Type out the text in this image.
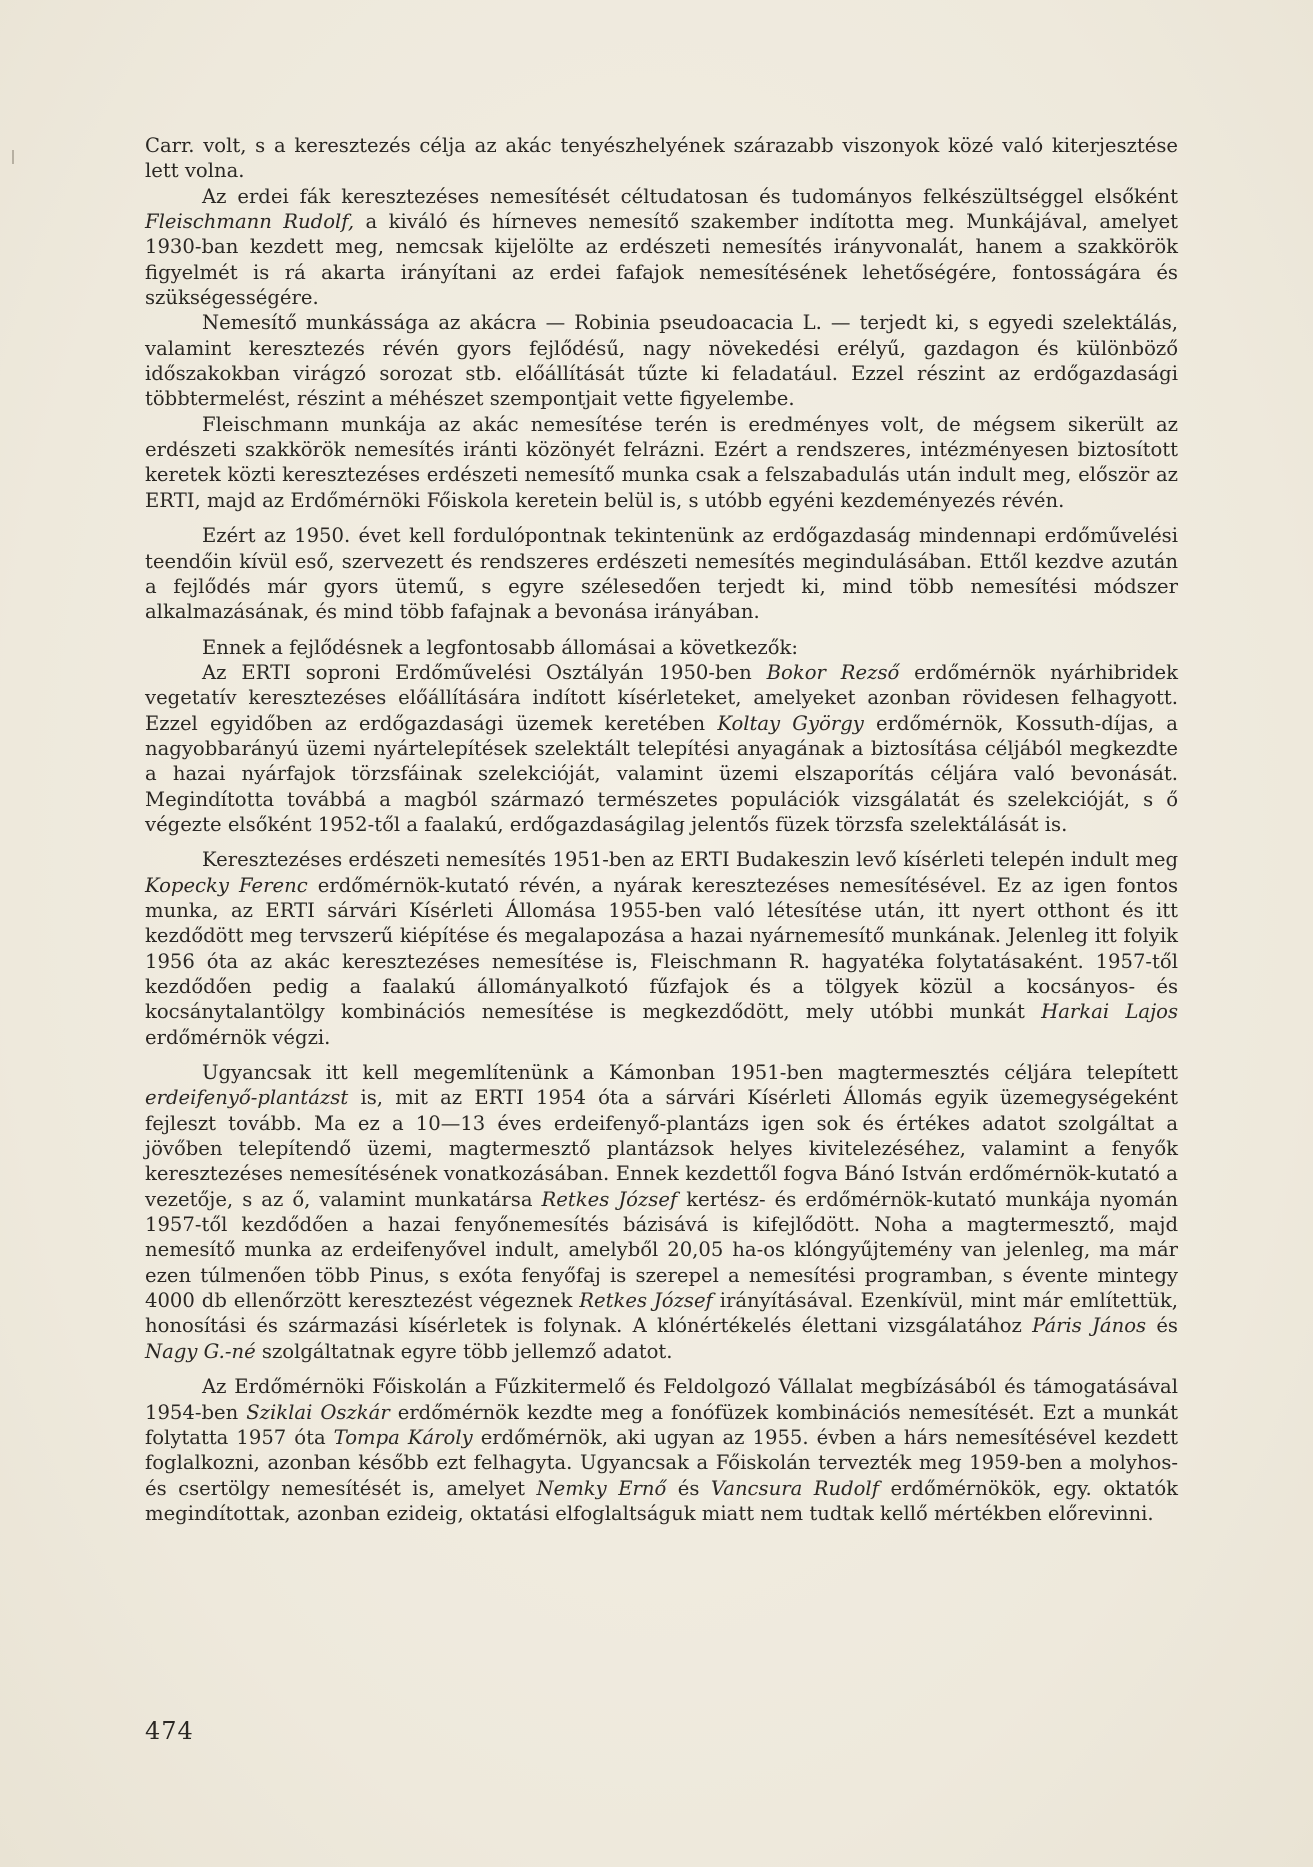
Carr. volt, s a keresztezés célja az akác tenyészhelyének szárazabb viszonyok közé való kiterjesztése lett volna.

Az erdei fák keresztezéses nemesítését céltudatosan és tudományos felkészültséggel elsőként Fleischmann Rudolf, a kiváló és hírneves nemesítő szakember indította meg. Munkájával, amelyet 1930-ban kezdett meg, nemcsak kijelölte az erdészeti nemesítés irányvonalát, hanem a szakkörök figyelmét is rá akarta irányítani az erdei fafajok nemesítésének lehetőségére, fontosságára és szükségességére.

Nemesítő munkássága az akácra — Robinia pseudoacacia L. — terjedt ki, s egyedi szelektálás, valamint keresztezés révén gyors fejlődésű, nagy növekedési erélyű, gazdagon és különböző időszakokban virágzó sorozat stb. előállítását tűzte ki feladatául. Ezzel részint az erdőgazdasági többtermelést, részint a méhészet szempontjait vette figyelembe.

Fleischmann munkája az akác nemesítése terén is eredményes volt, de mégsem sikerült az erdészeti szakkörök nemesítés iránti közönyét felrázni. Ezért a rendszeres, intézményesen biztosított keretek közti keresztezéses erdészeti nemesítő munka csak a felszabadulás után indult meg, először az ERTI, majd az Erdőmérnöki Főiskola keretein belül is, s utóbb egyéni kezdeményezés révén.

Ezért az 1950. évet kell fordulópontnak tekintenünk az erdőgazdaság mindennapi erdőművelési teendőin kívül eső, szervezett és rendszeres erdészeti nemesítés megindulásában. Ettől kezdve azután a fejlődés már gyors ütemű, s egyre szélesedően terjedt ki, mind több nemesítési módszer alkalmazásának, és mind több fafajnak a bevonása irányában.

Ennek a fejlődésnek a legfontosabb állomásai a következők:

Az ERTI soproni Erdőművelési Osztályán 1950-ben Bokor Rezső erdőmérnök nyárhibridek vegetatív keresztezéses előállítására indított kísérleteket, amelyeket azonban rövidesen felhagyott. Ezzel egyidőben az erdőgazdasági üzemek keretében Koltay György erdőmérnök, Kossuth-díjas, a nagyobbarányú üzemi nyártelepítések szelektált telepítési anyagának a biztosítása céljából megkezdte a hazai nyárfajok törzsfáinak szelekcióját, valamint üzemi elszaporítás céljára való bevonását. Megindította továbbá a magból származó természetes populációk vizsgálatát és szelekcióját, s ő végezte elsőként 1952-től a faalakú, erdőgazdaságilag jelentős füzek törzsfa szelektálását is.

Keresztezéses erdészeti nemesítés 1951-ben az ERTI Budakeszin levő kísérleti telepén indult meg Kopecky Ferenc erdőmérnök-kutató révén, a nyárak keresztezéses nemesítésével. Ez az igen fontos munka, az ERTI sárvári Kísérleti Állomása 1955-ben való létesítése után, itt nyert otthont és itt kezdődött meg tervszerű kiépítése és megalapozása a hazai nyárnemesítő munkának. Jelenleg itt folyik 1956 óta az akác keresztezéses nemesítése is, Fleischmann R. hagyatéka folytatásaként. 1957-től kezdődően pedig a faalakú állományalkotó fűzfajok és a tölgyek közül a kocsányos- és kocsánytalantölgy kombinációs nemesítése is megkezdődött, mely utóbbi munkát Harkai Lajos erdőmérnök végzi.

Ugyancsak itt kell megemlítenünk a Kámonban 1951-ben magtermesztés céljára telepített erdeifenyő-plantázst is, mit az ERTI 1954 óta a sárvári Kísérleti Állomás egyik üzemegységeként fejleszt tovább. Ma ez a 10—13 éves erdeifenyő-plantázs igen sok és értékes adatot szolgáltat a jövőben telepítendő üzemi, magtermesztő plantázsok helyes kivitelezéséhez, valamint a fenyők keresztezéses nemesítésének vonatkozásában. Ennek kezdettől fogva Bánó István erdőmérnök-kutató a vezetője, s az ő, valamint munkatársa Retkes József kertész- és erdőmérnök-kutató munkája nyomán 1957-től kezdődően a hazai fenyőnemesítés bázisává is kifejlődött. Noha a magtermesztő, majd nemesítő munka az erdeifenyővel indult, amelyből 20,05 ha-os klóngyűjtemény van jelenleg, ma már ezen túlmenően több Pinus, s exóta fenyőfaj is szerepel a nemesítési programban, s évente mintegy 4000 db ellenőrzött keresztezést végeznek Retkes József irányításával. Ezenkívül, mint már említettük, honosítási és származási kísérletek is folynak. A klónértékelés élettani vizsgálatához Páris János és Nagy G.-né szolgáltatnak egyre több jellemző adatot.

Az Erdőmérnöki Főiskolán a Fűzkitermelő és Feldolgozó Vállalat megbízásából és támogatásával 1954-ben Sziklai Oszkár erdőmérnök kezdte meg a fonófüzek kombinációs nemesítését. Ezt a munkát folytatta 1957 óta Tompa Károly erdőmérnök, aki ugyan az 1955. évben a hárs nemesítésével kezdett foglalkozni, azonban később ezt felhagyta. Ugyancsak a Főiskolán tervezték meg 1959-ben a molyhos- és csertölgy nemesítését is, amelyet Nemky Ernő és Vancsura Rudolf erdőmérnökök, egy. oktatók megindítottak, azonban ezideig, oktatási elfoglaltságuk miatt nem tudtak kellő mértékben előrevinni.

474
